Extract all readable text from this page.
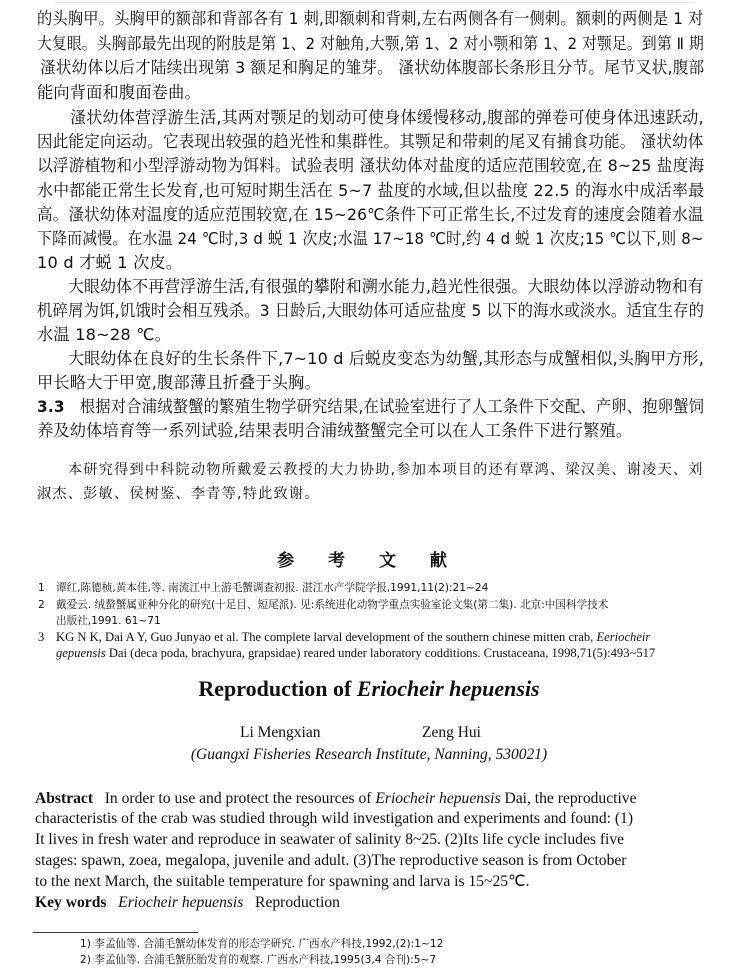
的头胸甲。头胸甲的额部和背部各有 1 刺,即额刺和背刺,左右两侧各有一侧刺。额刺的两侧是 1 对
大复眼。头胸部最先出现的附肢是第 1、2 对触角,大颚,第 1、2 对小颚和第 1、2 对颚足。到第 Ⅱ 期
溞状幼体以后才陆续出现第 3 额足和胸足的雏芽。 溞状幼体腹部长条形且分节。尾节叉状,腹部
能向背面和腹面卷曲。
溞状幼体营浮游生活,其两对颚足的划动可使身体缓慢移动,腹部的弹卷可使身体迅速跃动,
因此能定向运动。它表现出较强的趋光性和集群性。其颚足和带刺的尾叉有捕食功能。 溞状幼体
以浮游植物和小型浮游动物为饵料。试验表明 溞状幼体对盐度的适应范围较宽,在 8~25 盐度海
水中都能正常生长发育,也可短时期生活在 5~7 盐度的水域,但以盐度 22.5 的海水中成活率最
高。溞状幼体对温度的适应范围较宽,在 15~26℃条件下可正常生长,不过发育的速度会随着水温
下降而减慢。在水温 24 ℃时,3 d 蜕 1 次皮;水温 17~18 ℃时,约 4 d 蜕 1 次皮;15 ℃以下,则 8~
10 d 才蜕 1 次皮。
大眼幼体不再营浮游生活,有很强的攀附和溯水能力,趋光性很强。大眼幼体以浮游动物和有
机碎屑为饵,饥饿时会相互残杀。3 日龄后,大眼幼体可适应盐度 5 以下的海水或淡水。适宜生存的
水温 18~28 ℃。
大眼幼体在良好的生长条件下,7~10 d 后蜕皮变态为幼蟹,其形态与成蟹相似,头胸甲方形,
甲长略大于甲宽,腹部薄且折叠于头胸。
3.3 根据对合浦绒螯蟹的繁殖生物学研究结果,在试验室进行了人工条件下交配、产卵、抱卵蟹饲
养及幼体培育等一系列试验,结果表明合浦绒螯蟹完全可以在人工条件下进行繁殖。
本研究得到中科院动物所戴爱云教授的大力协助,参加本项目的还有覃鸿、梁汉美、谢凌天、刘
淑杰、彭敏、侯树鉴、李青等,特此致谢。
参 考 文 献
1 谭红,陈德桢,黄本佳,等. 南流江中上游毛蟹调查初报. 湛江水产学院学报,1991,11(2):21~24
2 戴爱云. 绒螯蟹属亚种分化的研究(十足目、短尾派). 见:系统进化动物学重点实验室论文集(第二集). 北京:中国科学技术
出版社,1991. 61~71
3 KG N K, Dai A Y, Guo Junyao et al. The complete larval development of the southern chinese mitten crab, Eeriocheir
gepuensis Dai (deca poda, brachyura, grapsidae) reared under laboratory codditions. Crustaceana, 1998,71(5):493~517
Reproduction of Eriocheir hepuensis
Li Mengxian	Zeng Hui
(Guangxi Fisheries Research Institute, Nanning, 530021)
Abstract In order to use and protect the resources of Eriocheir hepuensis Dai, the reproductive
characteristis of the crab was studied through wild investigation and experiments and found: (1)
It lives in fresh water and reproduce in seawater of salinity 8~25. (2)Its life cycle includes five
stages: spawn, zoea, megalopa, juvenile and adult. (3)The reproductive season is from October
to the next March, the suitable temperature for spawning and larva is 15~25℃.
Key words Eriocheir hepuensis Reproduction
1) 李孟仙等. 合浦毛蟹幼体发育的形态学研究. 广西水产科技,1992,(2):1~12
2) 李孟仙等. 合浦毛蟹胚胎发育的观察. 广西水产科技,1995(3,4 合刊):5~7
